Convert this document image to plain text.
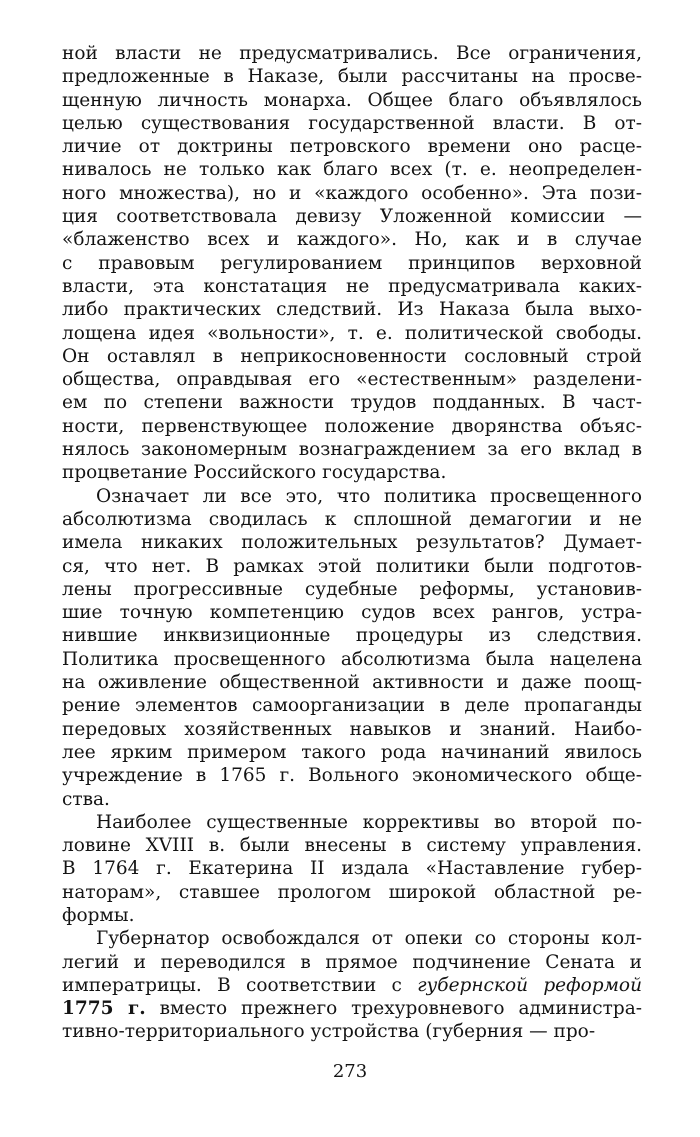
ной власти не предусматривались. Все ограничения,
предложенные в Наказе, были рассчитаны на просве-
щенную личность монарха. Общее благо объявлялось
целью существования государственной власти. В от-
личие от доктрины петровского времени оно расце-
нивалось не только как благо всех (т. е. неопределен-
ного множества), но и «каждого особенно». Эта пози-
ция соответствовала девизу Уложенной комиссии —
«блаженство всех и каждого». Но, как и в случае
с правовым регулированием принципов верховной
власти, эта констатация не предусматривала каких-
либо практических следствий. Из Наказа была выхо-
лощена идея «вольности», т. е. политической свободы.
Он оставлял в неприкосновенности сословный строй
общества, оправдывая его «естественным» разделени-
ем по степени важности трудов подданных. В част-
ности, первенствующее положение дворянства объяс-
нялось закономерным вознаграждением за его вклад в
процветание Российского государства.

Означает ли все это, что политика просвещенного
абсолютизма сводилась к сплошной демагогии и не
имела никаких положительных результатов? Думает-
ся, что нет. В рамках этой политики были подготов-
лены прогрессивные судебные реформы, установив-
шие точную компетенцию судов всех рангов, устра-
нившие инквизиционные процедуры из следствия.
Политика просвещенного абсолютизма была нацелена
на оживление общественной активности и даже поощ-
рение элементов самоорганизации в деле пропаганды
передовых хозяйственных навыков и знаний. Наибо-
лее ярким примером такого рода начинаний явилось
учреждение в 1765 г. Вольного экономического обще-
ства.

Наиболее существенные коррективы во второй по-
ловине XVIII в. были внесены в систему управления.
В 1764 г. Екатерина II издала «Наставление губер-
наторам», ставшее прологом широкой областной ре-
формы.

Губернатор освобождался от опеки со стороны кол-
легий и переводился в прямое подчинение Сената и
императрицы. В соответствии с губернской реформой
1775 г. вместо прежнего трехуровневого администра-
тивно-территориального устройства (губерния — про-

273
